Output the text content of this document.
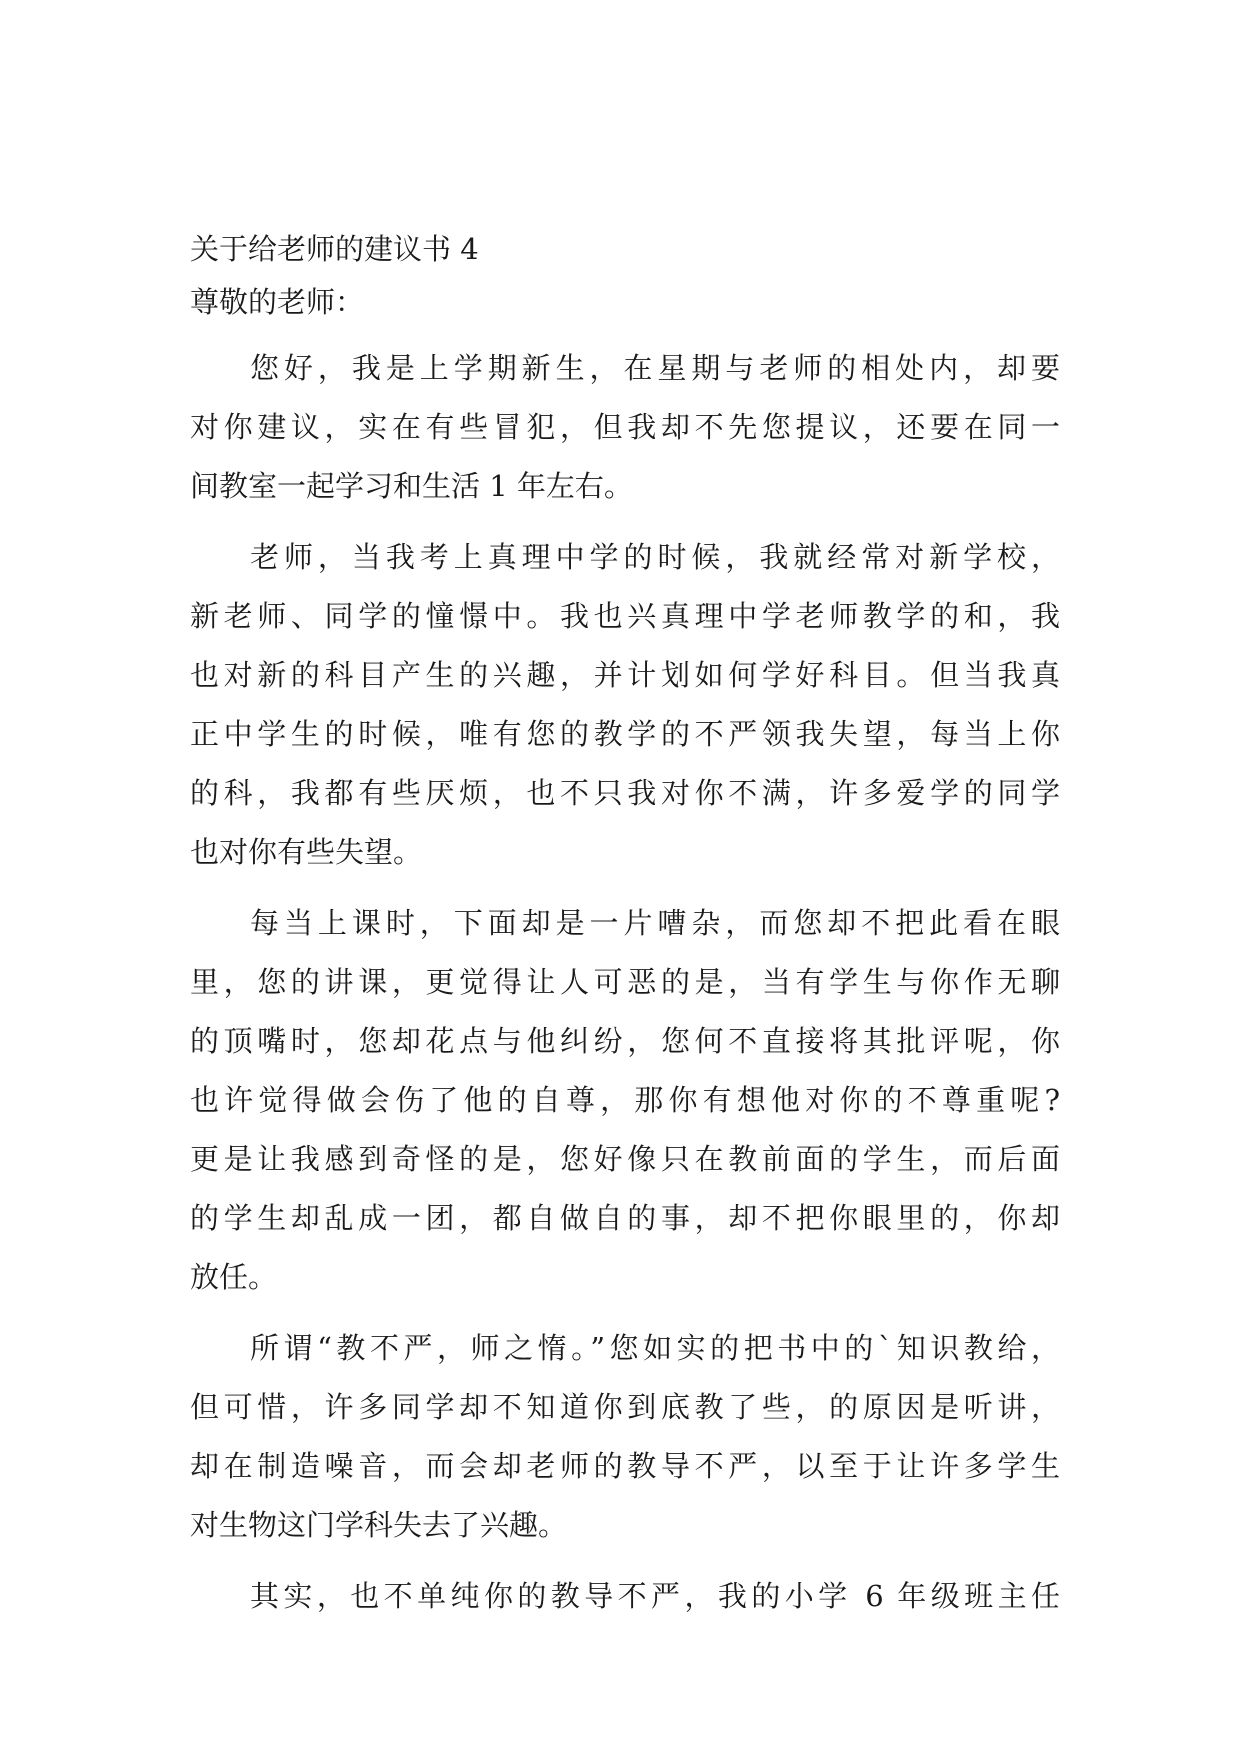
关于给老师的建议书 4
尊敬的老师：
您好，我是上学期新生，在星期与老师的相处内，却要
对你建议，实在有些冒犯，但我却不先您提议，还要在同一
间教室一起学习和生活 1 年左右。
老师，当我考上真理中学的时候，我就经常对新学校，
新老师、同学的憧憬中。我也兴真理中学老师教学的和，我
也对新的科目产生的兴趣，并计划如何学好科目。但当我真
正中学生的时候，唯有您的教学的不严领我失望，每当上你
的科，我都有些厌烦，也不只我对你不满，许多爱学的同学
也对你有些失望。
每当上课时，下面却是一片嘈杂，而您却不把此看在眼
里，您的讲课，更觉得让人可恶的是，当有学生与你作无聊
的顶嘴时，您却花点与他纠纷，您何不直接将其批评呢，你
也许觉得做会伤了他的自尊，那你有想他对你的不尊重呢?
更是让我感到奇怪的是，您好像只在教前面的学生，而后面
的学生却乱成一团，都自做自的事，却不把你眼里的，你却
放任。
所谓“教不严，师之惰。”您如实的把书中的`知识教给，
但可惜，许多同学却不知道你到底教了些，的原因是听讲，
却在制造噪音，而会却老师的教导不严，以至于让许多学生
对生物这门学科失去了兴趣。
其实，也不单纯你的教导不严，我的小学 6 年级班主任
